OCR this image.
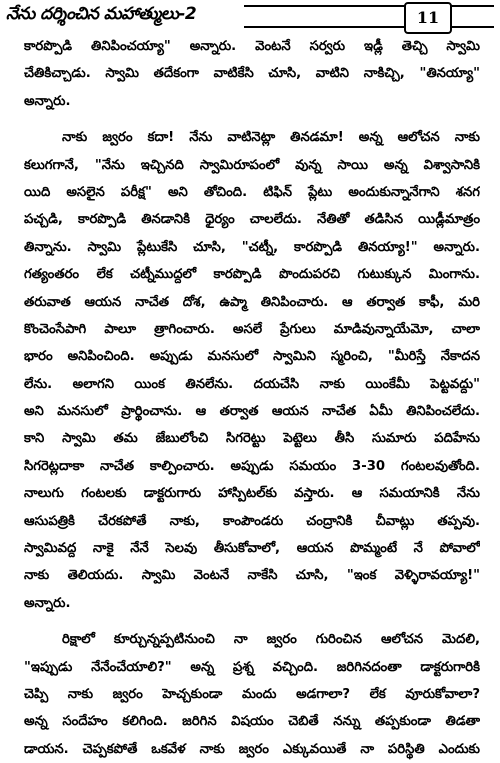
నేను దర్శించిన మహాత్ములు-2	11
కారప్పొడి తినిపించయ్యా" అన్నారు. వెంటనే సర్వరు ఇడ్లీ తెచ్చి స్వామి
చేతికిచ్చాడు. స్వామి తదేకంగా వాటికేసి చూసి, వాటిని నాకిచ్చి, "తినయ్యా"
అన్నారు.
నాకు జ్వరం కదా! నేను వాటినెట్లా తినడమా! అన్న ఆలోచన నాకు
కలుగగానే, "నేను ఇచ్చినది స్వామిరూపంలో వున్న సాయి అన్న విశ్వాసానికి
యిది అసలైన పరీక్ష" అని తోచింది. టిఫిన్ ప్లేటు అందుకున్నానేగాని శనగ
పచ్చడి, కారప్పొడి తినడానికి ధైర్యం చాలలేదు. నేతితో తడిసిన యిడ్లీమాత్రం
తిన్నాను. స్వామి ప్లేటుకేసి చూసి, "చట్నీ, కారప్పొడి తినయ్యా!" అన్నారు.
గత్యంతరం లేక చట్నీముద్దలో కారప్పొడి పొందుపరచి గుటుక్కున మింగాను.
తరువాత ఆయన నాచేత దోశ, ఉప్మా తినిపించారు. ఆ తర్వాత కాఫీ, మరి
కొంచెంసేపాగి పాలూ త్రాగించారు. అసలే ప్రేగులు మాడివున్నాయేమో, చాలా
భారం అనిపించింది. అప్పుడు మనసులో స్వామిని స్మరించి, "మీరిస్తే నేకాదన
లేను. అలాగని యింక తినలేను. దయచేసి నాకు యింకేమీ పెట్టవద్దు"
అని మనసులో ప్రార్థించాను. ఆ తర్వాత ఆయన నాచేత ఏమీ తినిపించలేదు.
కాని స్వామి తమ జేబులోంచి సిగరెట్టు పెట్టెలు తీసి సుమారు పదిహేను
సిగరెట్లదాకా నాచేత కాల్పించారు. అప్పుడు సమయం 3-30 గంటలవుతోంది.
నాలుగు గంటలకు డాక్టరుగారు హాస్పిటల్‌కు వస్తారు. ఆ సమయానికి నేను
ఆసుపత్రికి చేరకపోతే నాకు, కాంపౌండరు చంద్రానికి చీవాట్లు తప్పవు.
స్వామివద్ద నాకై నేనే సెలవు తీసుకోవాలో, ఆయన పొమ్మంటే నే పోవాలో
నాకు తెలియదు. స్వామి వెంటనే నాకేసి చూసి, "ఇంక వెళ్ళిరావయ్యా!"
అన్నారు.
రిక్షాలో కూర్చున్నప్పటినుంచి నా జ్వరం గురించిన ఆలోచన మెదలి,
"ఇప్పుడు నేనేంచేయాలి?" అన్న ప్రశ్న వచ్చింది. జరిగినదంతా డాక్టరుగారికి
చెప్పి నాకు జ్వరం హెచ్చకుండా మందు అడగాలా? లేక వూరుకోవాలా?
అన్న సందేహం కలిగింది. జరిగిన విషయం చెబితే నన్ను తప్పకుండా తిడతా
డాయన. చెప్పకపోతే ఒకవేళ నాకు జ్వరం ఎక్కువయితే నా పరిస్థితి ఎందుకు
